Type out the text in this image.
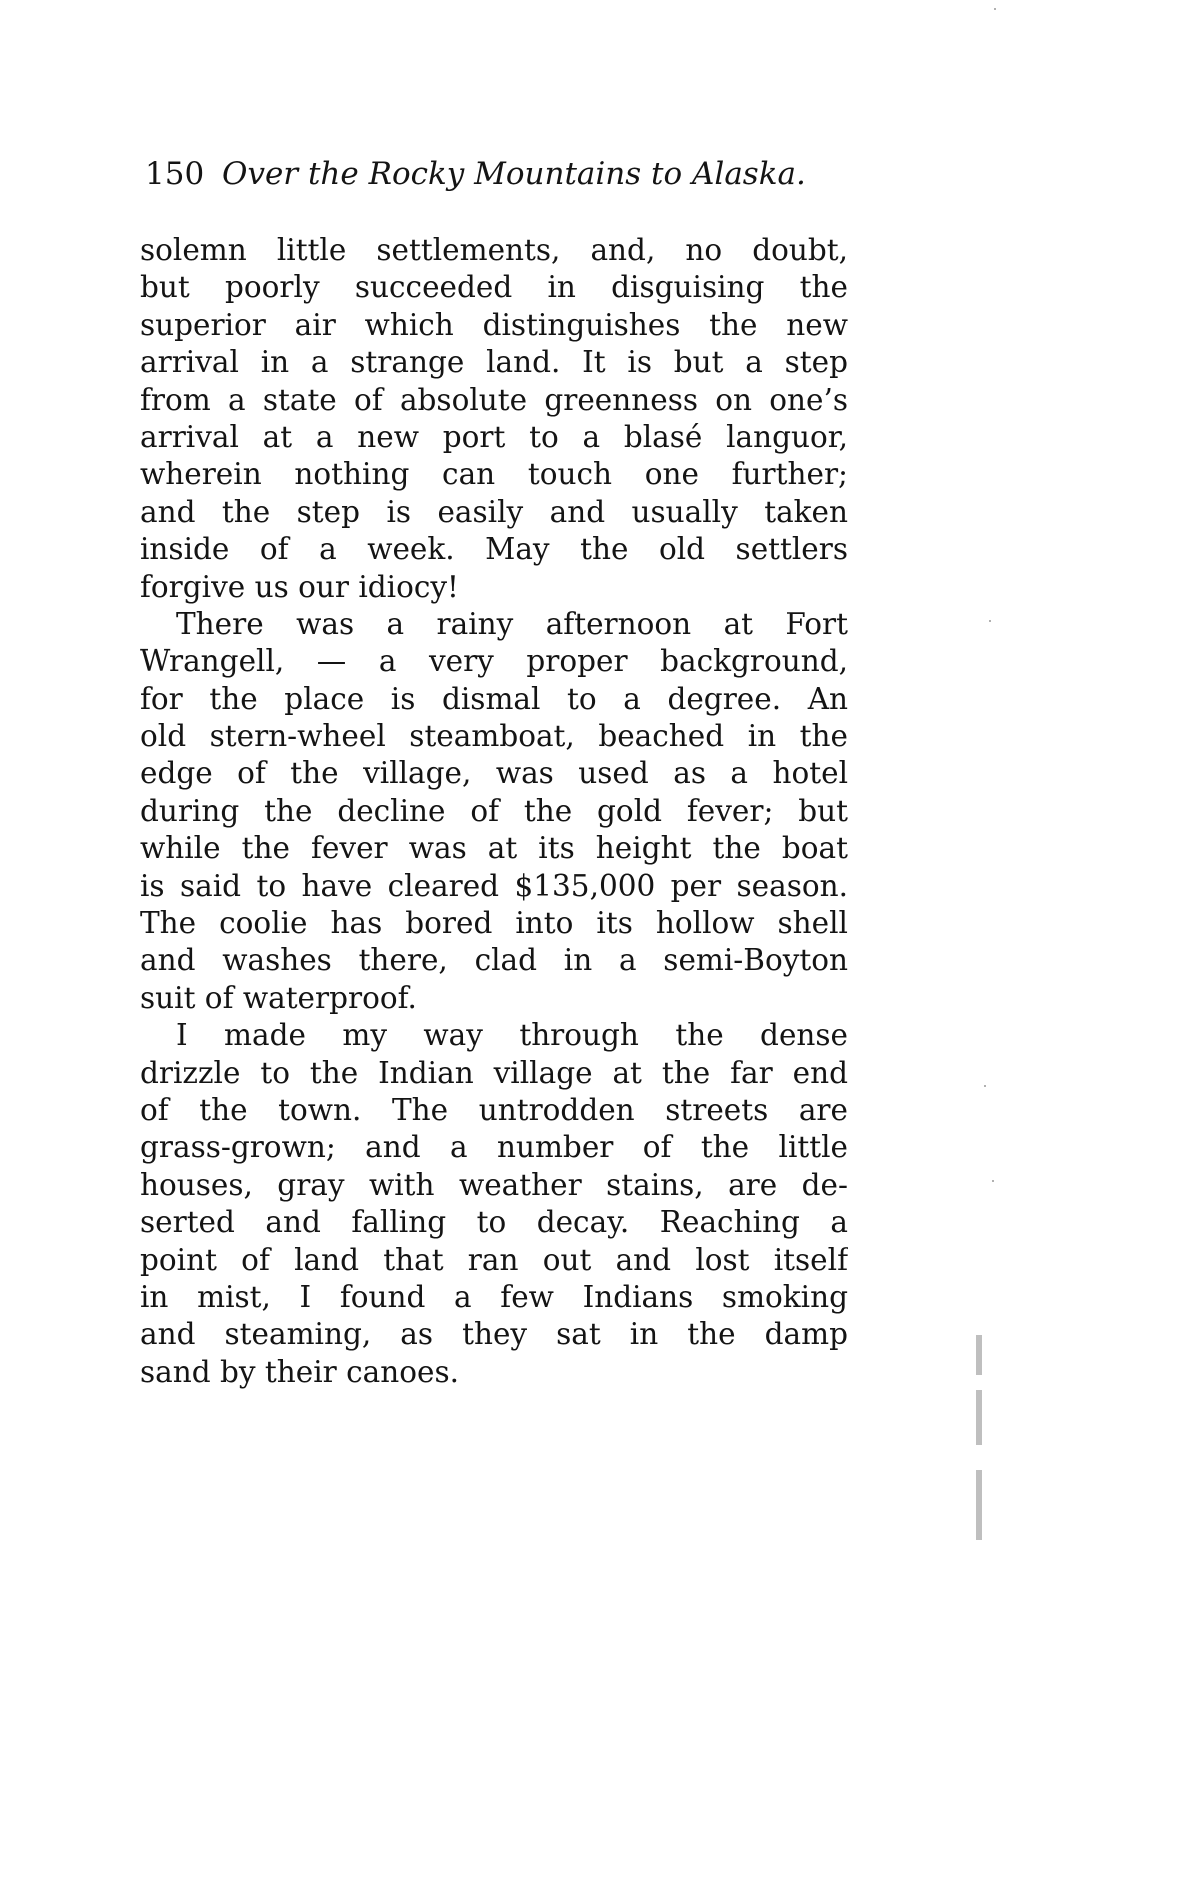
150 Over the Rocky Mountains to Alaska.
solemn little settlements, and, no doubt,
but poorly succeeded in disguising the
superior air which distinguishes the new
arrival in a strange land. It is but a step
from a state of absolute greenness on one’s
arrival at a new port to a blasé languor,
wherein nothing can touch one further;
and the step is easily and usually taken
inside of a week. May the old settlers
forgive us our idiocy!
There was a rainy afternoon at Fort
Wrangell, — a very proper background,
for the place is dismal to a degree. An
old stern-wheel steamboat, beached in the
edge of the village, was used as a hotel
during the decline of the gold fever; but
while the fever was at its height the boat
is said to have cleared $135,000 per season.
The coolie has bored into its hollow shell
and washes there, clad in a semi-Boyton
suit of waterproof.
I made my way through the dense
drizzle to the Indian village at the far end
of the town. The untrodden streets are
grass-grown; and a number of the little
houses, gray with weather stains, are de-
serted and falling to decay. Reaching a
point of land that ran out and lost itself
in mist, I found a few Indians smoking
and steaming, as they sat in the damp
sand by their canoes.
